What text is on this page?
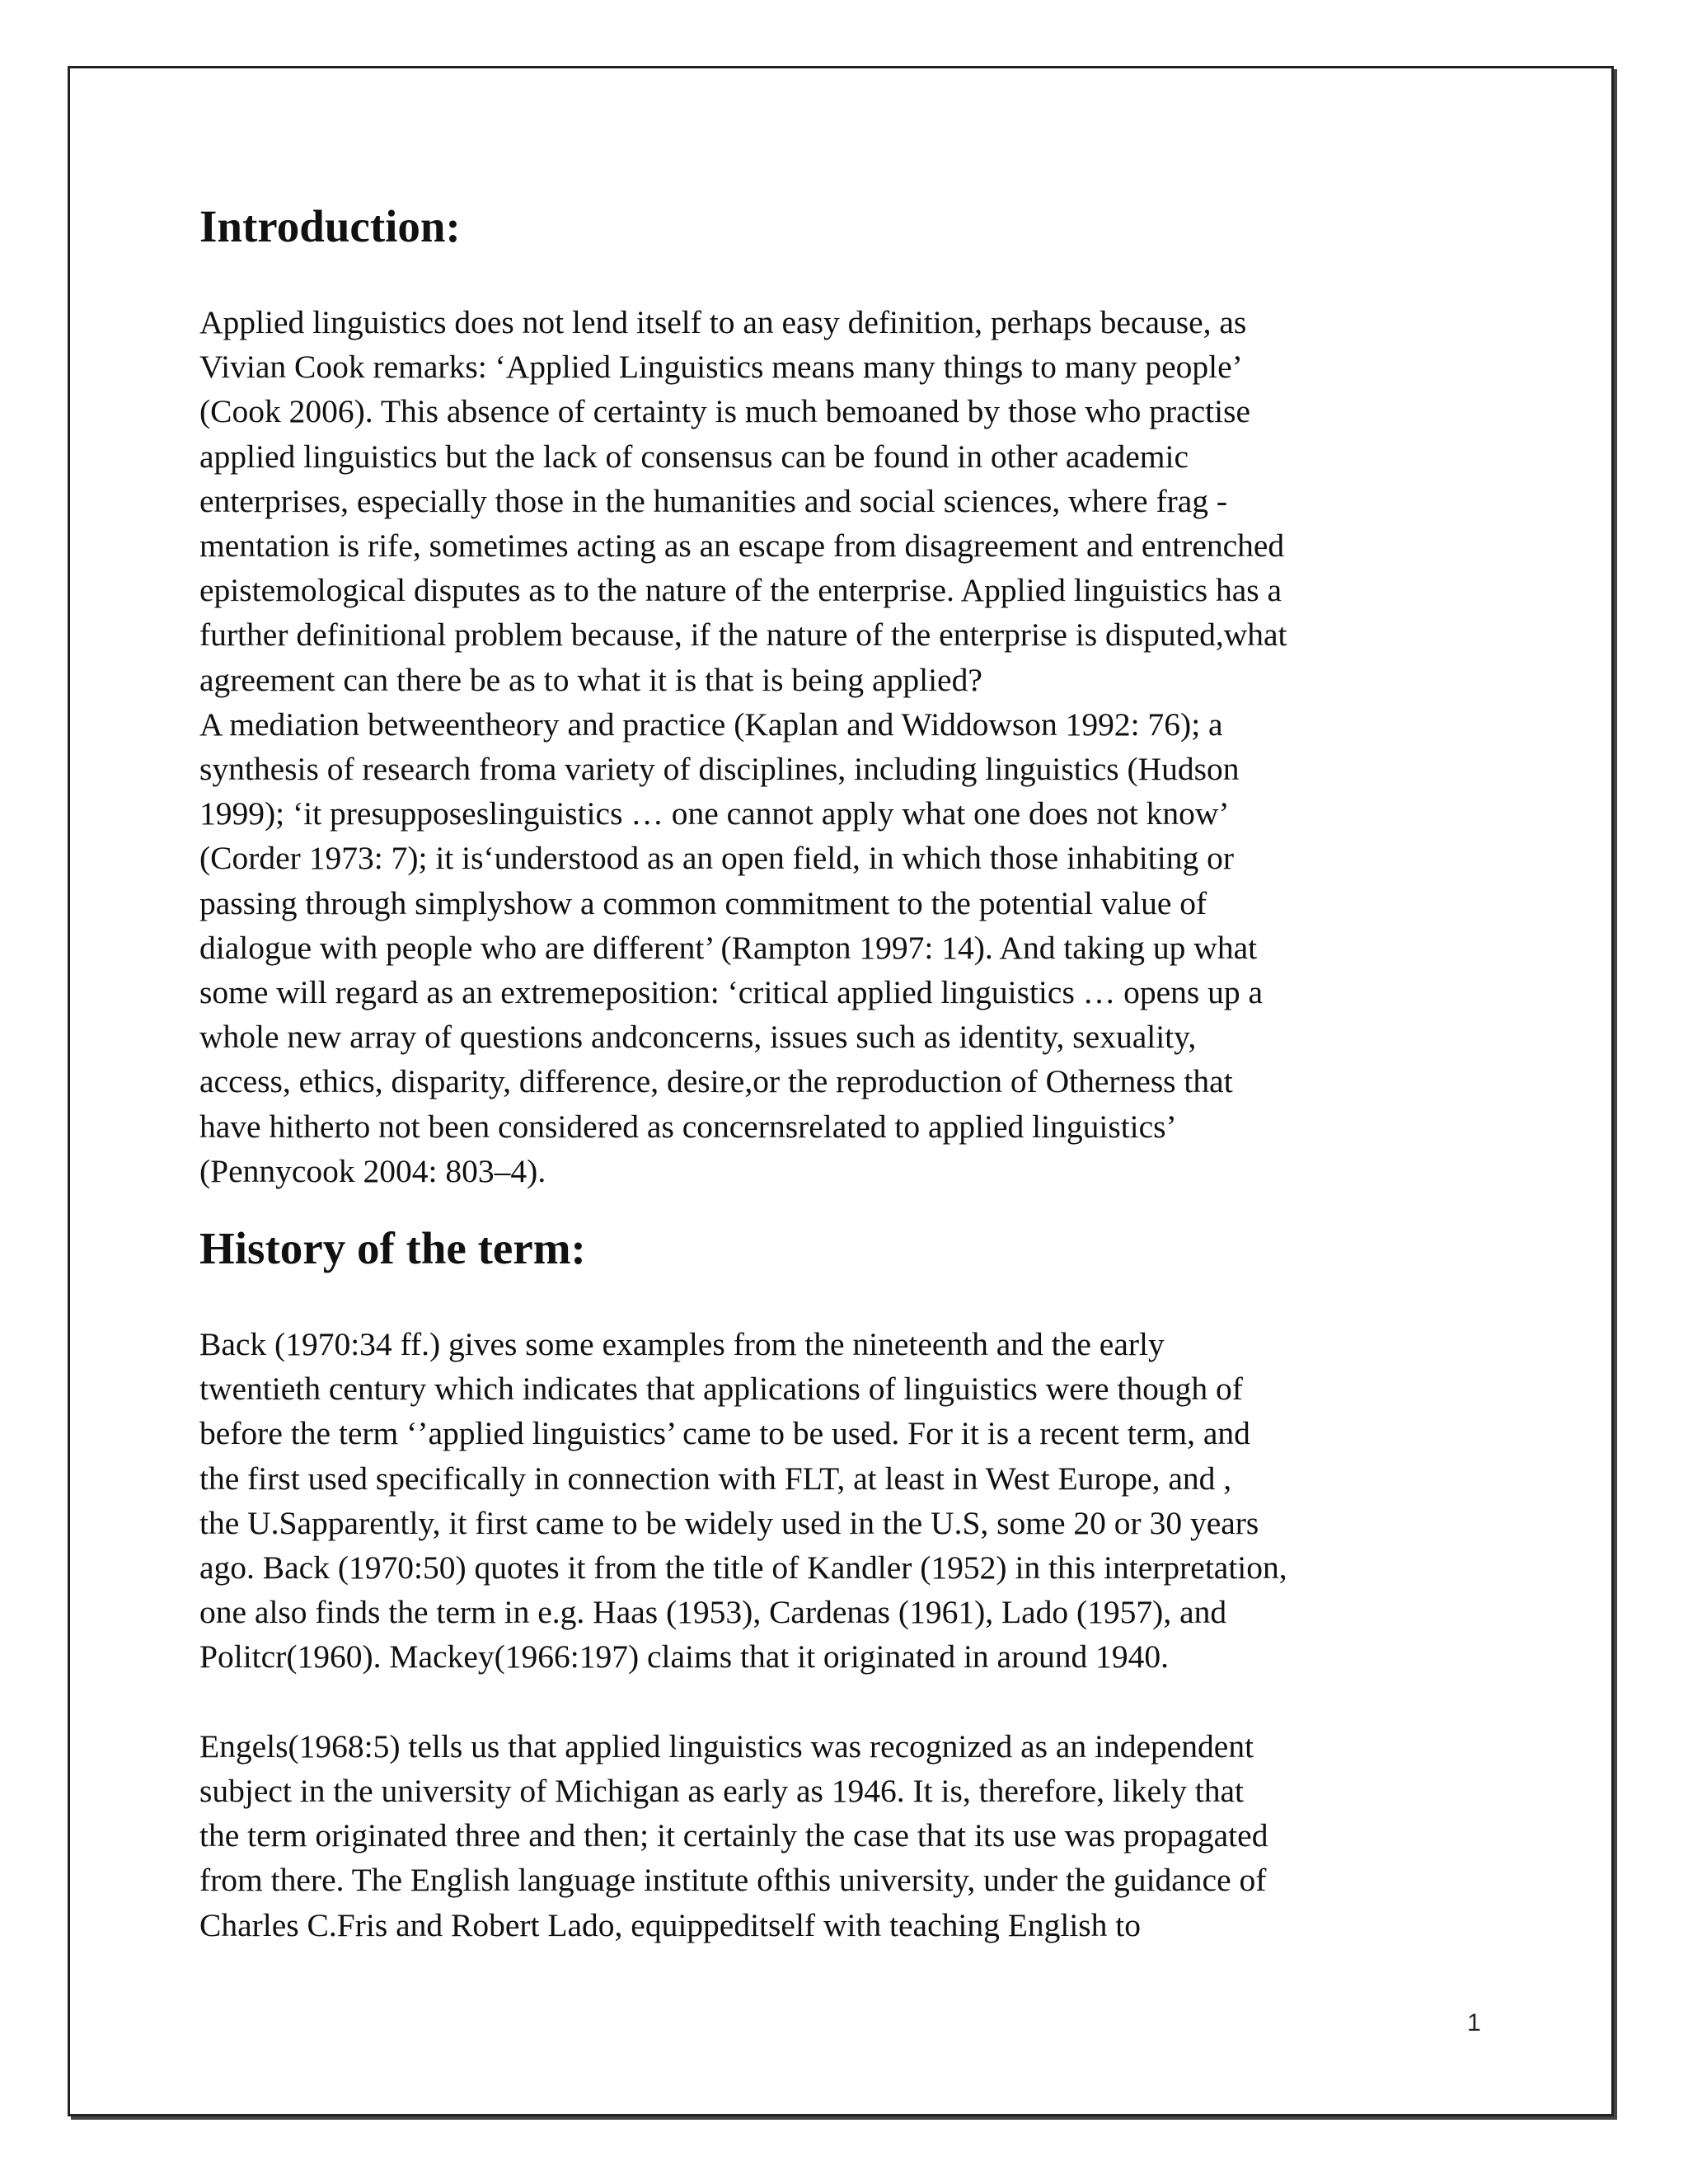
Introduction:

Applied linguistics does not lend itself to an easy definition, perhaps because, as
Vivian Cook remarks: ‘Applied Linguistics means many things to many people’
(Cook 2006). This absence of certainty is much bemoaned by those who practise
applied linguistics but the lack of consensus can be found in other academic
enterprises, especially those in the humanities and social sciences, where frag -
mentation is rife, sometimes acting as an escape from disagreement and entrenched
epistemological disputes as to the nature of the enterprise. Applied linguistics has a
further definitional problem because, if the nature of the enterprise is disputed,what
agreement can there be as to what it is that is being applied?
A mediation betweentheory and practice (Kaplan and Widdowson 1992: 76); a
synthesis of research froma variety of disciplines, including linguistics (Hudson
1999); ‘it presupposeslinguistics … one cannot apply what one does not know’
(Corder 1973: 7); it is‘understood as an open field, in which those inhabiting or
passing through simplyshow a common commitment to the potential value of
dialogue with people who are different’ (Rampton 1997: 14). And taking up what
some will regard as an extremeposition: ‘critical applied linguistics … opens up a
whole new array of questions andconcerns, issues such as identity, sexuality,
access, ethics, disparity, difference, desire,or the reproduction of Otherness that
have hitherto not been considered as concernsrelated to applied linguistics’
(Pennycook 2004: 803–4).

History of the term:

Back (1970:34 ff.) gives some examples from the nineteenth and the early
twentieth century which indicates that applications of linguistics were though of
before the term ‘’applied linguistics’ came to be used. For it is a recent term, and
the first used specifically in connection with FLT, at least in West Europe, and ,
the U.Sapparently, it first came to be widely used in the U.S, some 20 or 30 years
ago. Back (1970:50) quotes it from the title of Kandler (1952) in this interpretation,
one also finds the term in e.g. Haas (1953), Cardenas (1961), Lado (1957), and
Politcr(1960). Mackey(1966:197) claims that it originated in around 1940.

Engels(1968:5) tells us that applied linguistics was recognized as an independent
subject in the university of Michigan as early as 1946. It is, therefore, likely that
the term originated three and then; it certainly the case that its use was propagated
from there. The English language institute ofthis university, under the guidance of
Charles C.Fris and Robert Lado, equippeditself with teaching English to

1
